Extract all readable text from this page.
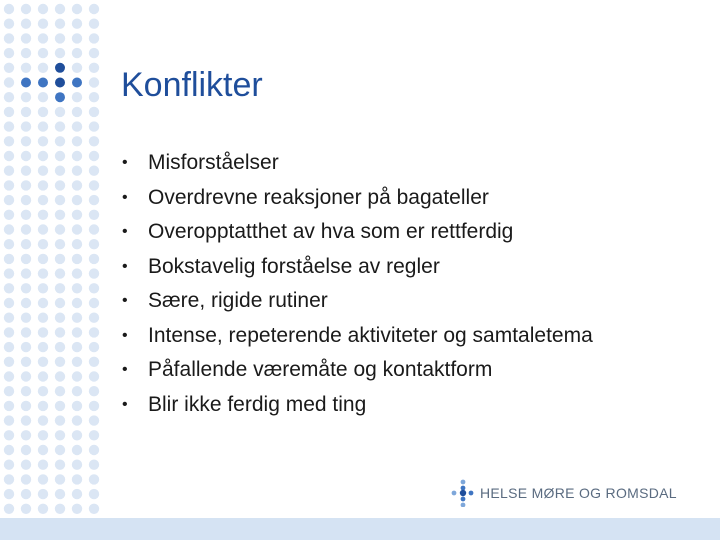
Konflikter
• Misforståelser
• Overdrevne reaksjoner på bagateller
• Overopptatthet av hva som er rettferdig
• Bokstavelig forståelse av regler
• Sære, rigide rutiner
• Intense, repeterende aktiviteter og samtaletema
• Påfallende væremåte og kontaktform
• Blir ikke ferdig med ting
HELSE MØRE OG ROMSDAL
